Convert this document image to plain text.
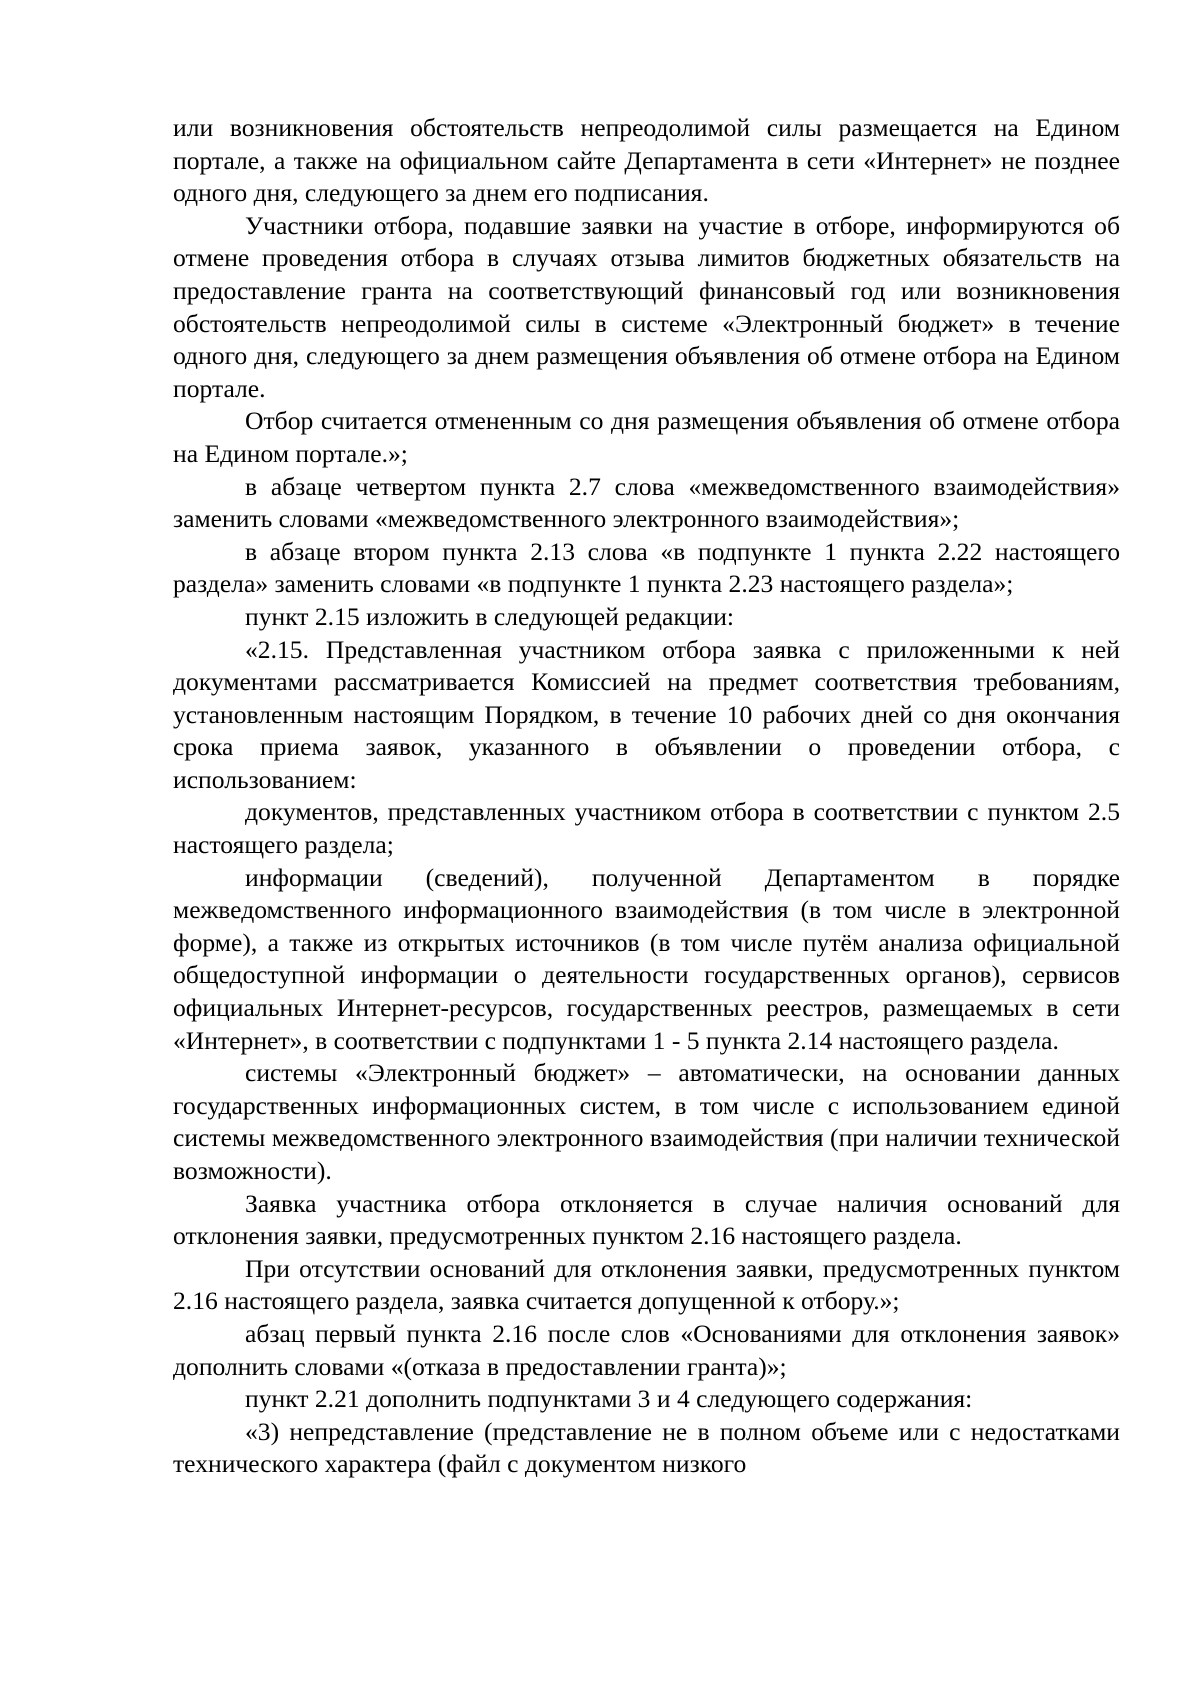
или возникновения обстоятельств непреодолимой силы размещается на Едином портале, а также на официальном сайте Департамента в сети «Интернет» не позднее одного дня, следующего за днем его подписания.

Участники отбора, подавшие заявки на участие в отборе, информируются об отмене проведения отбора в случаях отзыва лимитов бюджетных обязательств на предоставление гранта на соответствующий финансовый год или возникновения обстоятельств непреодолимой силы в системе «Электронный бюджет» в течение одного дня, следующего за днем размещения объявления об отмене отбора на Едином портале.

Отбор считается отмененным со дня размещения объявления об отмене отбора на Едином портале.»;

в абзаце четвертом пункта 2.7 слова «межведомственного взаимодействия» заменить словами «межведомственного электронного взаимодействия»;

в абзаце втором пункта 2.13 слова «в подпункте 1 пункта 2.22 настоящего раздела» заменить словами «в подпункте 1 пункта 2.23 настоящего раздела»;

пункт 2.15 изложить в следующей редакции:

«2.15. Представленная участником отбора заявка с приложенными к ней документами рассматривается Комиссией на предмет соответствия требованиям, установленным настоящим Порядком, в течение 10 рабочих дней со дня окончания срока приема заявок, указанного в объявлении о проведении отбора, с использованием:

документов, представленных участником отбора в соответствии с пунктом 2.5 настоящего раздела;

информации (сведений), полученной Департаментом в порядке межведомственного информационного взаимодействия (в том числе в электронной форме), а также из открытых источников (в том числе путём анализа официальной общедоступной информации о деятельности государственных органов), сервисов официальных Интернет-ресурсов, государственных реестров, размещаемых в сети «Интернет», в соответствии с подпунктами 1 - 5 пункта 2.14 настоящего раздела.

системы «Электронный бюджет» – автоматически, на основании данных государственных информационных систем, в том числе с использованием единой системы межведомственного электронного взаимодействия (при наличии технической возможности).

Заявка участника отбора отклоняется в случае наличия оснований для отклонения заявки, предусмотренных пунктом 2.16 настоящего раздела.

При отсутствии оснований для отклонения заявки, предусмотренных пунктом 2.16 настоящего раздела, заявка считается допущенной к отбору.»;

абзац первый пункта 2.16 после слов «Основаниями для отклонения заявок» дополнить словами «(отказа в предоставлении гранта)»;

пункт 2.21 дополнить подпунктами 3 и 4 следующего содержания:

«3) непредставление (представление не в полном объеме или с недостатками технического характера (файл с документом низкого
